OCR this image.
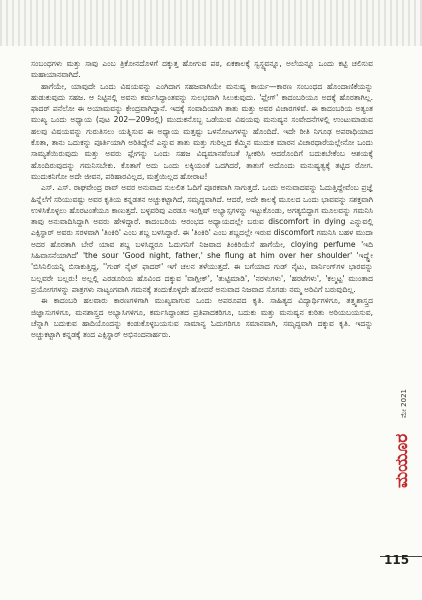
ಸಂಬಂಧಗಳು ಮತ್ತು ಸಾವು ಎಂಬ ತ್ರಿಕೋನದೊಳಗೆ ದಕ್ಕುತ್ತ ಹೋಗುವ ಪಠ, ಏಕಕಾಲಕ್ಕೆ ಸ್ವಸ್ಥ್ಯವನ್ನೂ, ಅಲೆಯನ್ನೂ ಒಂದು ಕಟ್ಟಿ ಚಲಿಸುವ ಮಹಾಯಾನವಾಗಿದೆ.

ಹಾಗೆಯೇ, ಯಾವುದೇ ಒಂದು ವಿಷಯವನ್ನು ಎಂಗಿದಾಗ ಸಹಜವಾಗಿಯೇ ಮನುಷ್ಯ ಕಾರ್ಯ—ಕಾರಣ ಸಂಬಂಧದ ಹೊಂದಾಣಿಕೆಯನ್ನು ಹುಡುಕುವುದು ಸಹಜ. ಆ ನಿಟ್ಟಿನಲ್ಲಿ ಅವನು ಕರ್ಮಸಿದ್ಧಾಂತವನ್ನು ಸುಲಭವಾಗಿ ಸಿಲುಕುವುದು. 'ಫ್ಲೇಗ್' ಕಾದಂಬರಿಯೂ ಅದಕ್ಕೆ ಹೊರತಾಗಿಲ್ಲ. ಫಾದರ್ ಪನೆಲೋ ಈ ಅಯಾಮವನ್ನು ಕೇಂದ್ರವಾಗಿದ್ದಾನೆ. ಇದಕ್ಕೆ ಸಂವಾದಿಯಾಗಿ ತಾತು ಮತ್ತು ಅವರ ವಿಚಾರಗಳಿವೆ. ಈ ಕಾದಂಬರಿಯ ಅತ್ಯಂತ ಮುಖ್ಯ ಒಂದು ಅಧ್ಯಾಯ (ಪುಟ 202—209ರಲ್ಲಿ) ಮುದುಕನೊಬ್ಬ ಒಡೆಯುವ ವಿಷಯವು ಮನುಷ್ಯನ ಸಂವೇದನೆಗಳಲ್ಲಿ ಉಂಟುಮಾಡುವ ಹಲವು ವಿಷಯವನ್ನು ಗುರುತಿಸಲು ಯತ್ನಿಸುವ ಈ ಅಧ್ಯಾಯ ಮತ್ತಷ್ಟು ಒಳನೋಟಗಳನ್ನು ಹೊಂದಿದೆ. ಇದೇ ರೀತಿ ನಿಗೂಢ ಅಪರಾಧಿಯಾದ ಕೊತಾ, ತಾನು ಒದುಕನ್ನು ಪೂರ್ತಿಯಾಗಿ ಅರಿತಿದ್ದೇನೆ ಎನ್ನುವ ತಾತು ಮತ್ತು ಗುರಿಲ್ಲದ ಕೆಮ್ಮಿನ ಮುದುಕ ಮಾರನ ವಿಚಾರಧಾರೆಯಲ್ಲೇನೋ ಒಂದು ಸಾಮ್ಯತೆಯಿರುವುದು ಮತ್ತು ಅವರು ಫ್ಲೇಗನ್ನು ಒಂದು ಸಹಜ ವಿದ್ಯಮಾನವೆಂಬತೆ ಸ್ವೀಕರಿಸಿ ಆದರೊಂದಿಗೆ ಬದುಕಬೇಕೆಂಬ ಆಶಯಕ್ಕೆ ಹೊಂದಿರುವುದನ್ನು ಗಮನಿಸಬೇಕು. ಕೊತಾಗೆ ಅದು ಒಂದು ಲಕ್ಕಿಯಂತೆ ಒದಗಿದರೆ, ತಾತುಗೆ ಅದೊಂದು ಮನುಷ್ಯತ್ವಕ್ಕೆ ತಟ್ಟಿದ ರೋಗ. ಮುದುಕನಿಗೋ ಅದೇ ಜೀವನ, ಪರಿಹಾರವಿಲ್ಲದ, ಮತ್ತೆಯಿಲ್ಲದ ಹೋರಾಟ!

ಎಸ್. ಎಸ್. ರಾಘವೇಂದ್ರ ರಾವ್ ಅವರ ಅನುವಾದ ಸುಲಲಿತ ಓದಿಗೆ ಪೂರಕವಾಗಿ ಸಾಗುತ್ತದೆ. ಒಂದು ಅನುವಾದವನ್ನು ಓದುತ್ತಿದ್ದೇವೆಂಬ ಪ್ರಜ್ಞೆ ಹಿನ್ನೆಲೆಗೆ ಸರಿಯುವಷ್ಟು ಅವರ ಕೃತಿಯ ಕನ್ನಡತನ ಅಚ್ಚುಕಟ್ಟಾಗಿದೆ, ಸಮೃದ್ಧವಾಗಿದೆ. ಆದರೆ, ಅದೇ ಕಾಲಕ್ಕೆ ಮೂಲದ ಒಂದು ಭಾವವನ್ನು ಸಶಕ್ತವಾಗಿ ಉಳಿಸಿಕೊಳ್ಳಲು ಹೊರಟಂತೆಯೂ ಕಾಣುತ್ತದೆ. ಬಳ್ಳವರಿವು ಎರಡೂ ಇಂಗ್ಲಿಷ್ ಅಭ್ಯಾಸ್ಸಗಳನ್ನು ಇಟ್ಟುಕೊಂಡು, ಅಗತ್ಯಬಿದ್ದಾಗ ಮೂಲವನ್ನು ಗಮನಿಸಿ ತಾವು ಅನುವಾದಿಸಿದ್ದಾಗಿ ಅವರು ಹೇಳಿದ್ದಾರೆ. ಕಾದಂಬರಿಯ ಆರಂಭದ ಅಧ್ಯಾಯದಲ್ಲೇ ಬರುವ discomfort in dying ಎನ್ನುವಲ್ಲಿ ಎಕ್ಸಿಸ್ಥಾರ್ ಅವರು ಸರಳವಾಗಿ 'ತಿಂಕಿರಿ' ಎಂಬ ಶಬ್ದ ಬಳಸಿದ್ದಾರೆ. ಈ 'ತಿಂಕಿರಿ' ಎಂಬ ಶಬ್ದದಲ್ಲೇ ಇರುವ discomfort ಗಮನಿಸಿ ಬಹಳ ಮುದಾ ಅದರ ಹೊರತಾಗಿ ಬೇರೆ ಯಾವ ಶಬ್ದ ಬಳಸಿದ್ದರೂ ಓದುಗನಿಗೆ ನಿಜವಾದ ತಿಂಕಿರಿಯೆಸೆ ಹಾಗೆಯೇ, cloying perfume 'ಇದಿ ಸಿಹಿವಾಸನೆಯಾಗಿದೆ' 'the sour 'Good night, father,' she flung at him over her shoulder' 'ಇದ್ದ್ಹೇ 'ಬಿಸಿನಿಲಿಯನ್ನಿ ಬಿಸಾಕುತ್ತಿದ್ದ, ''ಗುಡ್ ನೈಟ್ ಫಾದರ್' ಇಗೆ ಚಲನ ತಳೆಯುತ್ತದೆ. ಈ ಬಗೆಯಾದ ಗುಡ್ ನೈಟು, ವಾರ್ನಿಂಗ್‌ಗಳ ಭಾರವನ್ನು ಬಲ್ಲವರೇ ಬಲ್ಲರು! ಅಲ್ಲಲ್ಲಿ ಎರಡೂರಿಯ ಹೊವಿಂದ ದಕ್ಕುವ 'ವಾಗ್ಲೀಕ್', 'ತುಟ್ಟಿಮಾಡಿ', 'ನರಳುಗಳು', 'ಹರಟೆಗಳು', 'ಕಲ್ಮಟ್ಟ' ಮುಂತಾದ ಪ್ರಯೋಗಗಳನ್ನು ಪಾತ್ರಗಳು ನಾಟ್ಯಂಗವಾಗಿ ಗಮನಕ್ಕೆ ತಂದುಕೊಳ್ಳದೇ ಹೋದರೆ ಅನುವಾದ ನಿಜವಾದ ಸೊಗಡು ನಮ್ಮ ಅರಿವಿಗೆ ಬರುವುದಿಲ್ಲ.

ಈ ಕಾದಂಬರಿ ಹಲವಾರು ಕಾರಣಗಳಿಗಾಗಿ ಮುಖ್ಯವಾಗುವ ಒಂದು ಅಪರೂಪದ ಕೃತಿ. ಸಾಹಿತ್ಯದ ವಿದ್ಯಾರ್ಥಿಗಳಿಗೂ, ತತ್ತ್ವಶಾಸ್ತ್ರದ ಜಿಜ್ಞಾಸುಗಳಿಗೂ, ಮನಶಾಸ್ತ್ರದ ಅಭ್ಯಾಸಿಗಳಿಗೂ, ಕರ್ಮಸಿದ್ಧಾಂತದ ಪ್ರತಿಪಾದಕರಿಗೂ, ಬದುಕು ಮತ್ತು ಮನುಷ್ಯನ ಕುರಿತು ಅರಿಯಬಯಸುವ, ಚೆನ್ನಾಗಿ ಬದುಕುವ ಹಾದಿಯೊಂದನ್ನು ಕಂಡುಕೊಳ್ಳಬಯಸುವ ಸಾಮಾನ್ಯ ಓದುಗರಿಗೂ ಸಮಾನವಾಗಿ, ಸಮೃದ್ಧವಾಗಿ ದಕ್ಕುವ ಕೃತಿ. ಇದನ್ನು ಅಚ್ಚುಕಟ್ಟಾಗಿ ಕನ್ನಡಕ್ಕೆ ತಂದ ಎಕ್ಸಿಸ್ಥಾರ್ ಅಭಿನಂದನಾರ್ಹರು.

ಮೇ 2021
ಮಯೂರ
115
